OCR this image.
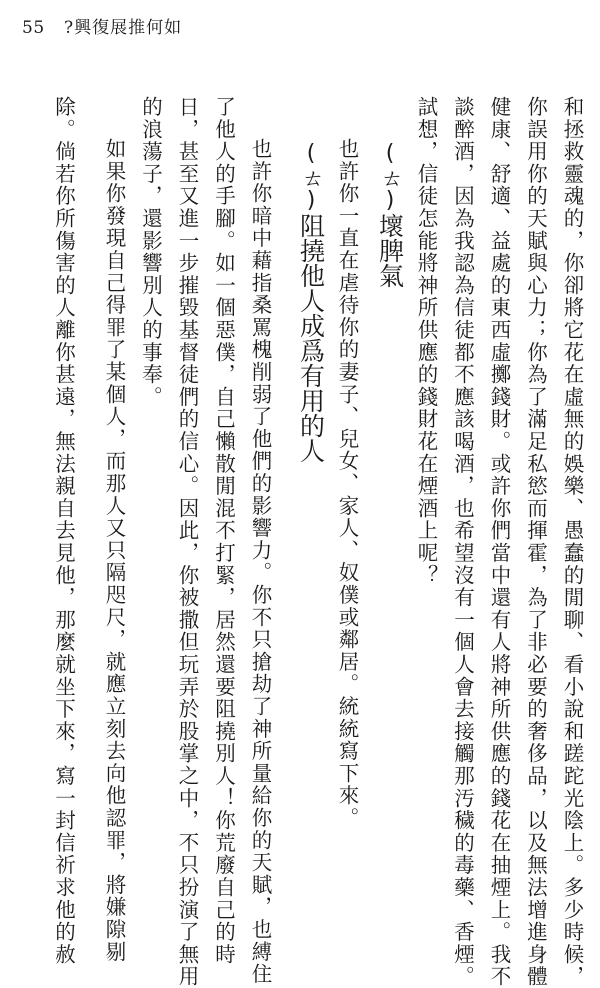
55 ?興復展推何如
和拯救靈魂的，你卻將它花在虛無的娛樂、愚蠢的閒聊、看小說和蹉跎光陰上。多少時候，
你誤用你的天賦與心力；你為了滿足私慾而揮霍，為了非必要的奢侈品，以及無法增進身體
健康、舒適、益處的東西虛擲錢財。或許你們當中還有人將神所供應的錢花在抽煙上。我不
談醉酒，因為我認為信徒都不應該喝酒，也希望沒有一個人會去接觸那汚穢的毒藥、香煙。
試想，信徒怎能將神所供應的錢財花在煙酒上呢？
(ㄊ)壞脾氣
也許你一直在虐待你的妻子、兒女、家人、奴僕或鄰居。統統寫下來。
(ㄊ)阻撓他人成爲有用的人
也許你暗中藉指桑罵槐削弱了他們的影響力。你不只搶劫了神所量給你的天賦，也縛住
了他人的手腳。如一個惡僕，自己懶散閒混不打緊，居然還要阻撓別人！你荒廢自己的時
日，甚至又進一步摧毀基督徒們的信心。因此，你被撒但玩弄於股掌之中，不只扮演了無用
的浪蕩子，還影響別人的事奉。
如果你發現自己得罪了某個人，而那人又只隔咫尺，就應立刻去向他認罪，將嫌隙剔
除。倘若你所傷害的人離你甚遠，無法親自去見他，那麼就坐下來，寫一封信祈求他的赦
